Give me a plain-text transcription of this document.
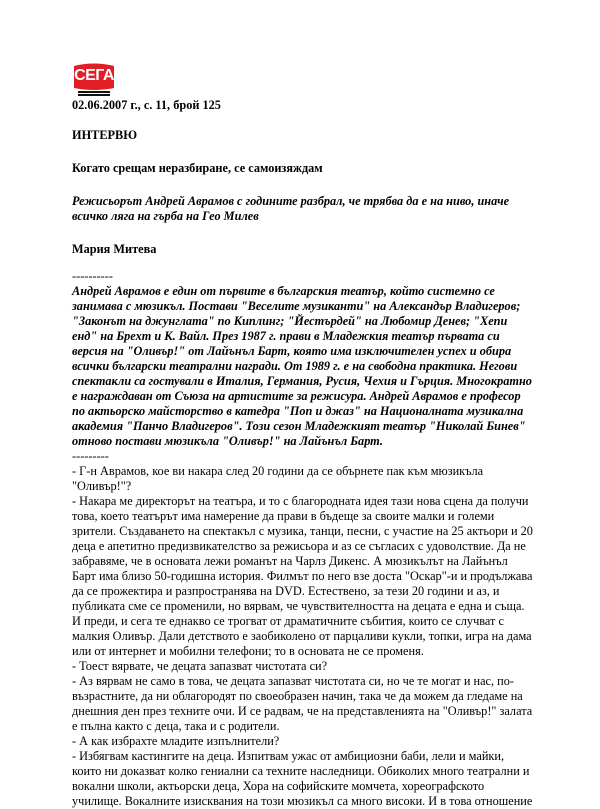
СЕГА
02.06.2007 г., с. 11, брой 125
ИНТЕРВЮ
Когато срещам неразбиране, се самоизяждам
Режисьорът Андрей Аврамов с годините разбрал, че трябва да е на ниво, иначе всичко ляга на гърба на Гео Милев
Мария Митева
----------
Андрей Аврамов е един от първите в българския театър, който системно се занимава с мюзикъл. Постави "Веселите музиканти" на Александър Владигеров; "Законът на джунглата" по Киплинг; "Йестърдей" на Любомир Денев; "Хепи енд" на Брехт и К. Вайл. През 1987 г. прави в Младежкия театър първата си версия на "Оливър!" от Лайънъл Барт, която има изключителен успех и обира всички български театрални награди. От 1989 г. е на свободна практика. Негови спектакли са гостували в Италия, Германия, Русия, Чехия и Гърция. Многократно е награждаван от Съюза на артистите за режисура. Андрей Аврамов е професор по актьорско майсторство в катедра "Поп и джаз" на Националната музикална академия "Панчо Владигеров". Този сезон Младежкият театър "Николай Бинев" отново постави мюзикъла "Оливър!" на Лайънъл Барт.
---------

- Г-н Аврамов, кое ви накара след 20 години да се обърнете пак към мюзикъла "Оливър!"?

- Накара ме директорът на театъра, и то с благородната идея тази нова сцена да получи това, което театърът има намерение да прави в бъдеще за своите малки и големи зрители. Създаването на спектакъл с музика, танци, песни, с участие на 25 актьори и 20 деца е апетитно предизвикателство за режисьора и аз се съгласих с удоволствие. Да не забравяме, че в основата лежи романът на Чарлз Дикенс. А мюзикълът на Лайънъл Барт има близо 50-годишна история. Филмът по него взе доста "Оскар"-и и продължава да се прожектира и разпространява на DVD. Естествено, за тези 20 години и аз, и публиката сме се променили, но вярвам, че чувствителността на децата е една и съща. И преди, и сега те еднакво се трогват от драматичните събития, които се случват с малкия Оливър. Дали детството е заобиколено от парцаливи кукли, топки, игра на дама или от интернет и мобилни телефони; то в основата не се променя.

- Тоест вярвате, че децата запазват чистотата си?

- Аз вярвам не само в това, че децата запазват чистотата си, но че те могат и нас, по-възрастните, да ни облагородят по своеобразен начин, така че да можем да гледаме на днешния ден през техните очи. И се радвам, че на представленията на "Оливър!" залата е пълна както с деца, така и с родители.

- А как избрахте младите изпълнители?

- Избягвам кастингите на деца. Изпитвам ужас от амбициозни баби, лели и майки, които ни доказват колко гениални са техните наследници. Обиколих много театрални и вокални школи, актьорски деца, Хора на софийските момчета, хореографското училище. Вокалните изисквания на този мюзикъл са много високи. И в това отношение
